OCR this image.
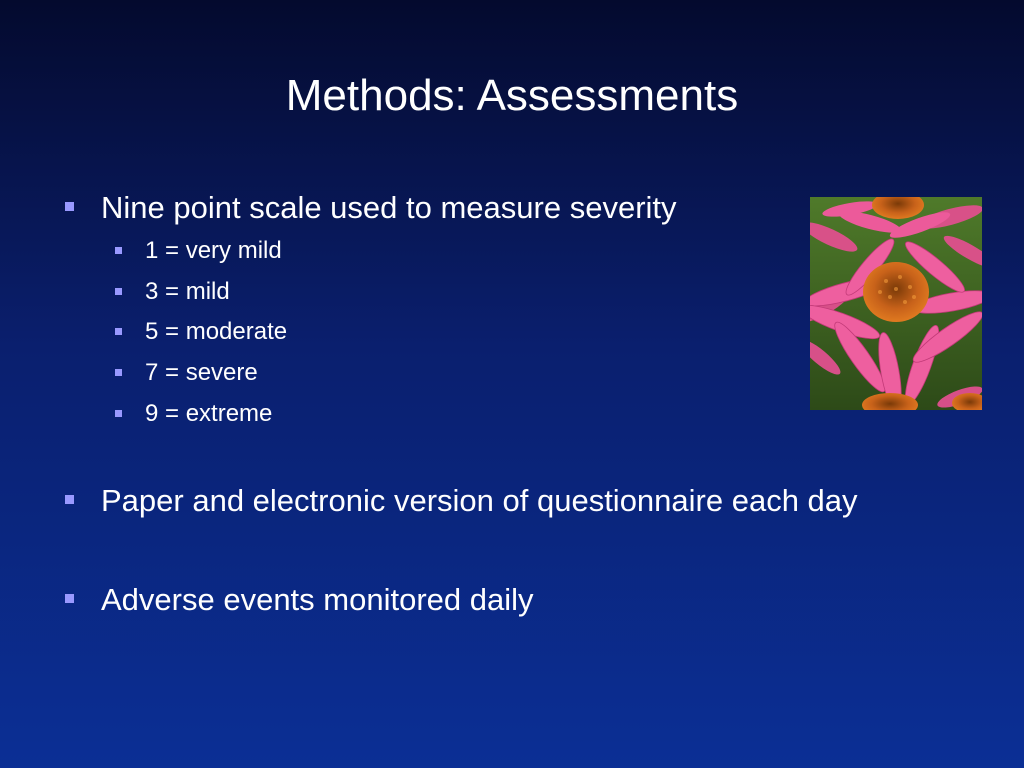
Methods: Assessments
Nine point scale used to measure severity
1 = very mild
3 = mild
5 = moderate
7 = severe
9 = extreme
Paper and electronic version of questionnaire each day
Adverse events monitored daily
